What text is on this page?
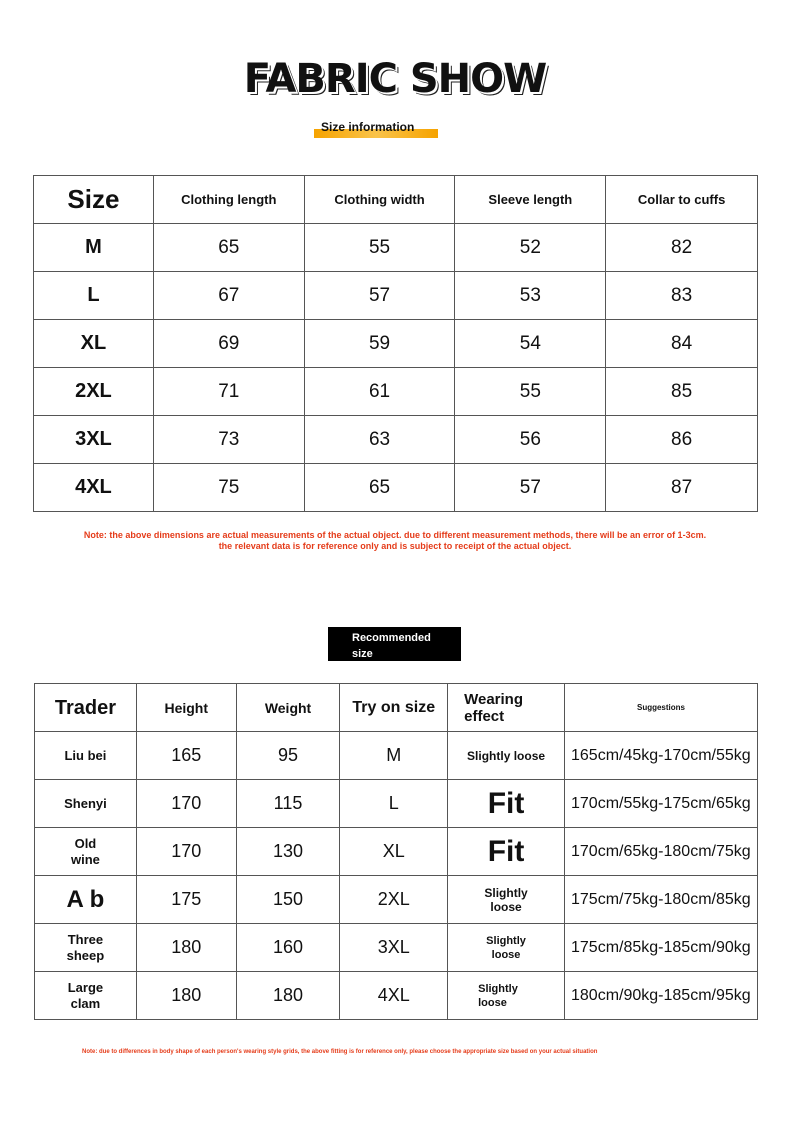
FABRIC SHOW
Size information
Size	Clothing length	Clothing width	Sleeve length	Collar to cuffs
M	65	55	52	82
L	67	57	53	83
XL	69	59	54	84
2XL	71	61	55	85
3XL	73	63	56	86
4XL	75	65	57	87
Note: the above dimensions are actual measurements of the actual object. due to different measurement methods, there will be an error of 1-3cm. the relevant data is for reference only and is subject to receipt of the actual object.
Recommended size
Trader	Height	Weight	Try on size	Wearing effect	Suggestions
Liu bei	165	95	M	Slightly loose	165cm/45kg-170cm/55kg
Shenyi	170	115	L	Fit	170cm/55kg-175cm/65kg
Old wine	170	130	XL	Fit	170cm/65kg-180cm/75kg
A b	175	150	2XL	Slightly loose	175cm/75kg-180cm/85kg
Three sheep	180	160	3XL	Slightly loose	175cm/85kg-185cm/90kg
Large clam	180	180	4XL	Slightly loose	180cm/90kg-185cm/95kg
Note: due to differences in body shape of each person's wearing style grids, the above fitting is for reference only, please choose the appropriate size based on your actual situation
